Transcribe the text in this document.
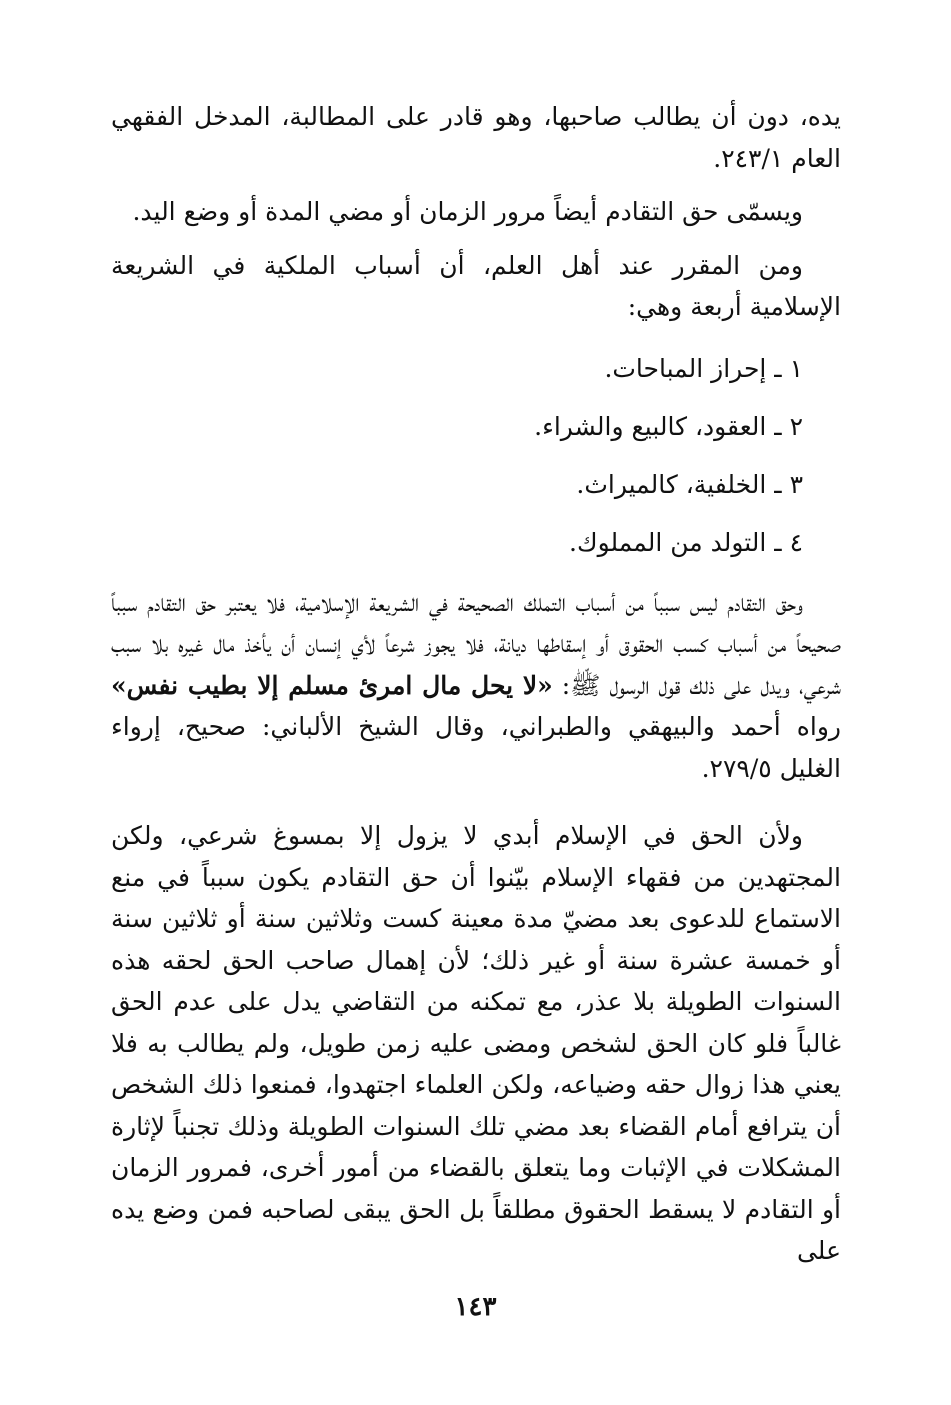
يده، دون أن يطالب صاحبها، وهو قادر على المطالبة، المدخل الفقهي العام ٢٤٣/١.

ويسمّى حق التقادم أيضاً مرور الزمان أو مضي المدة أو وضع اليد.

ومن المقرر عند أهل العلم، أن أسباب الملكية في الشريعة الإسلامية أربعة وهي:

١ ـ إحراز المباحات.
٢ ـ العقود، كالبيع والشراء.
٣ ـ الخلفية، كالميراث.
٤ ـ التولد من المملوك.

وحق التقادم ليس سبباً من أسباب التملك الصحيحة في الشريعة الإسلامية، فلا يعتبر حق التقادم سبباً صحيحاً من أسباب كسب الحقوق أو إسقاطها ديانة، فلا يجوز شرعاً لأي إنسان أن يأخذ مال غيره بلا سبب شرعي، ويدل على ذلك قول الرسول ﷺ: «لا يحل مال امرئ مسلم إلا بطيب نفس» رواه أحمد والبيهقي والطبراني، وقال الشيخ الألباني: صحيح، إرواء الغليل ٢٧٩/٥.

ولأن الحق في الإسلام أبدي لا يزول إلا بمسوغ شرعي، ولكن المجتهدين من فقهاء الإسلام بيّنوا أن حق التقادم يكون سبباً في منع الاستماع للدعوى بعد مضيّ مدة معينة كست وثلاثين سنة أو ثلاثين سنة أو خمسة عشرة سنة أو غير ذلك؛ لأن إهمال صاحب الحق لحقه هذه السنوات الطويلة بلا عذر، مع تمكنه من التقاضي يدل على عدم الحق غالباً فلو كان الحق لشخص ومضى عليه زمن طويل، ولم يطالب به فلا يعني هذا زوال حقه وضياعه، ولكن العلماء اجتهدوا، فمنعوا ذلك الشخص أن يترافع أمام القضاء بعد مضي تلك السنوات الطويلة وذلك تجنباً لإثارة المشكلات في الإثبات وما يتعلق بالقضاء من أمور أخرى، فمرور الزمان أو التقادم لا يسقط الحقوق مطلقاً بل الحق يبقى لصاحبه فمن وضع يده على

١٤٣
